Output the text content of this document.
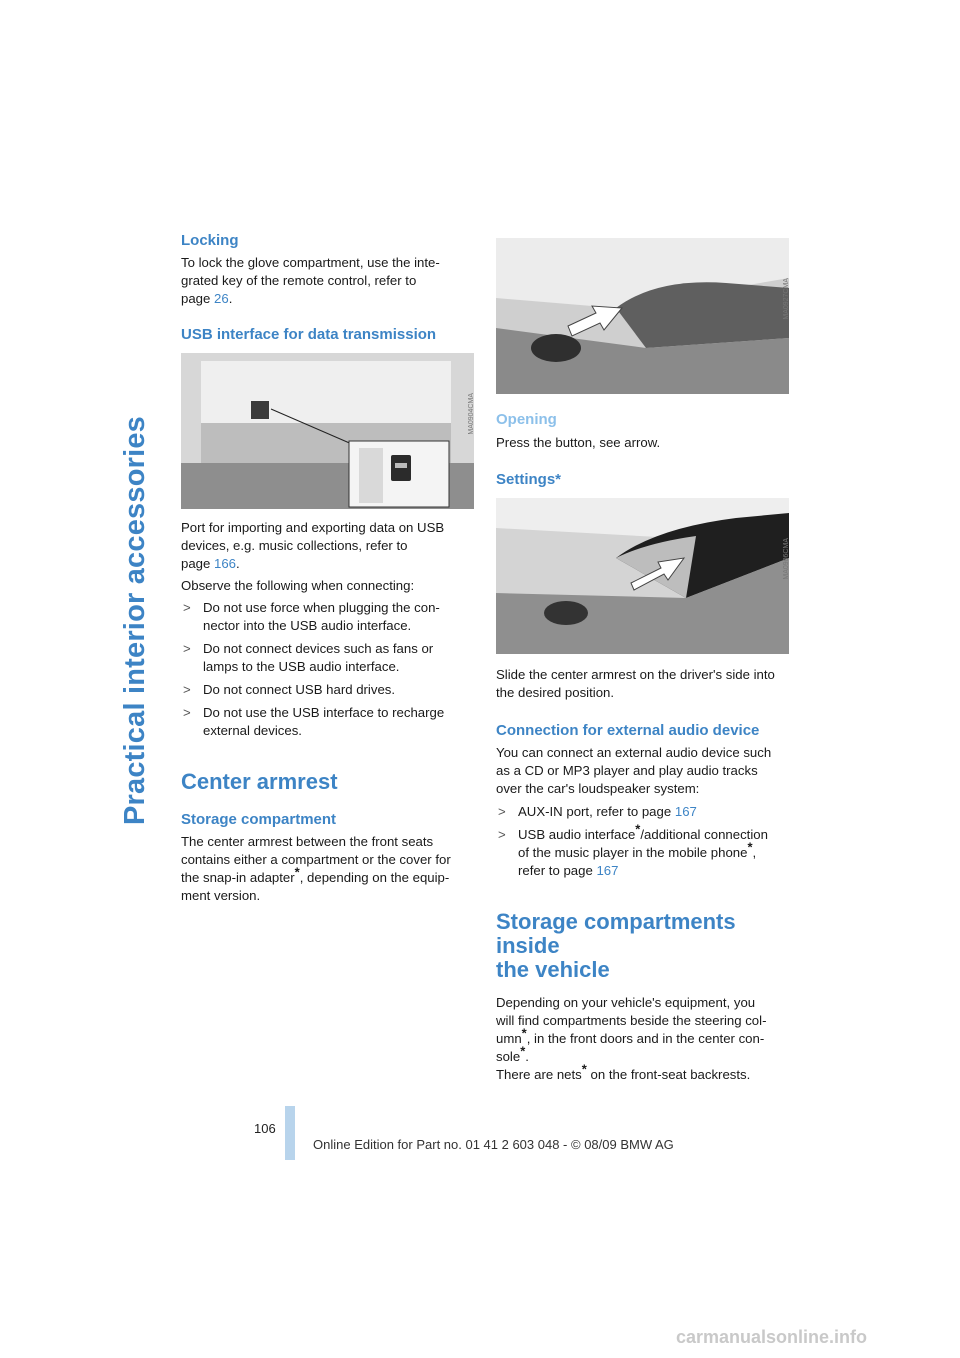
Practical interior accessories
Locking

To lock the glove compartment, use the inte-
grated key of the remote control, refer to
page 26.

USB interface for data transmission
MA0904CMA

Port for importing and exporting data on USB
devices, e.g. music collections, refer to
page 166.

Observe the following when connecting:

> Do not use force when plugging the con-
nector into the USB audio interface.
> Do not connect devices such as fans or
lamps to the USB audio interface.
> Do not connect USB hard drives.
> Do not use the USB interface to recharge
external devices.
Center armrest
Storage compartment

The center armrest between the front seats
contains either a compartment or the cover for
the snap-in adapter*, depending on the equip-
ment version.

MA0927CMA
Opening

Press the button, see arrow.

Settings*
MA0906CMA

Slide the center armrest on the driver's side into
the desired position.

Connection for external audio device

You can connect an external audio device such
as a CD or MP3 player and play audio tracks
over the car's loudspeaker system:

> AUX-IN port, refer to page 167
> USB audio interface*/additional connection
of the music player in the mobile phone*,
refer to page 167
Storage compartments inside
the vehicle

Depending on your vehicle's equipment, you
will find compartments beside the steering col-
umn*, in the front doors and in the center con-
sole*.
There are nets* on the front-seat backrests.

106
Online Edition for Part no. 01 41 2 603 048 - © 08/09 BMW AG
carmanualsonline.info
